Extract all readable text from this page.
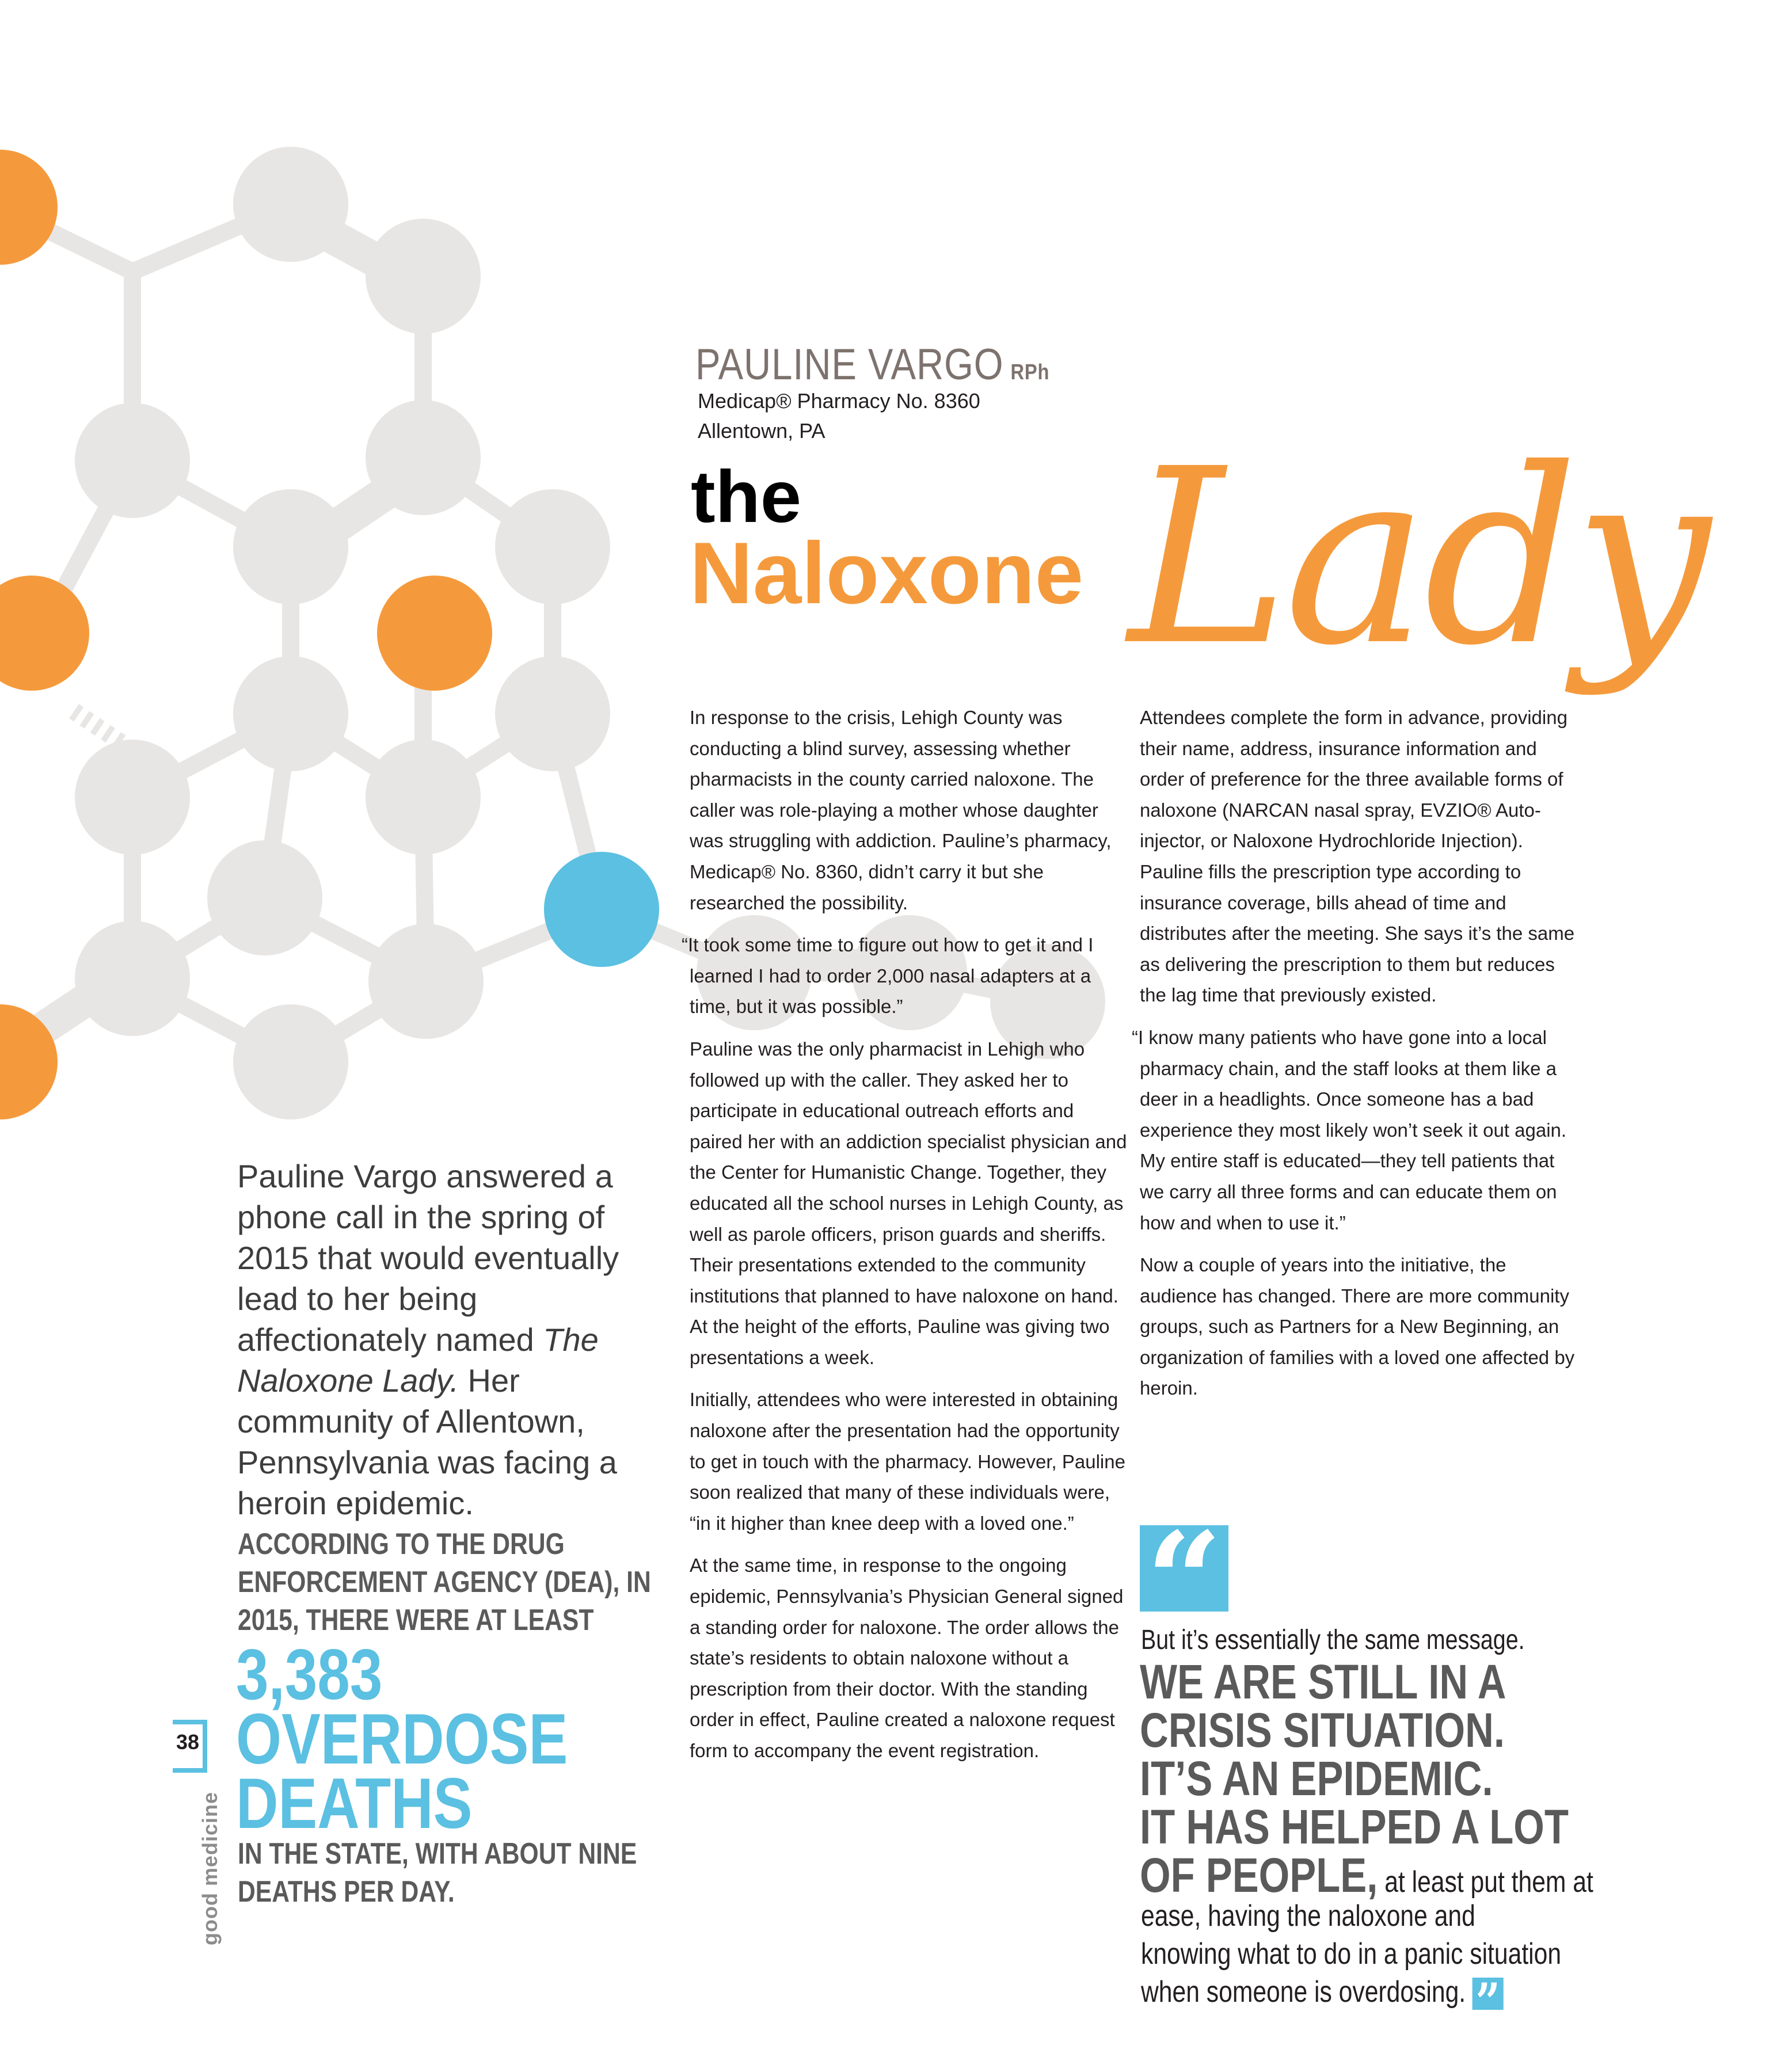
PAULINE VARGO RPh
Medicap® Pharmacy No. 8360
Allentown, PA
the
Naloxone Lady

In response to the crisis, Lehigh County was conducting a blind survey, assessing whether pharmacists in the county carried naloxone. The caller was role-playing a mother whose daughter was struggling with addiction. Pauline’s pharmacy, Medicap® No. 8360, didn’t carry it but she researched the possibility.

“It took some time to figure out how to get it and I learned I had to order 2,000 nasal adapters at a time, but it was possible.”

Pauline was the only pharmacist in Lehigh who followed up with the caller. They asked her to participate in educational outreach efforts and paired her with an addiction specialist physician and the Center for Humanistic Change. Together, they educated all the school nurses in Lehigh County, as well as parole officers, prison guards and sheriffs. Their presentations extended to the community institutions that planned to have naloxone on hand. At the height of the efforts, Pauline was giving two presentations a week.

Initially, attendees who were interested in obtaining naloxone after the presentation had the opportunity to get in touch with the pharmacy. However, Pauline soon realized that many of these individuals were, “in it higher than knee deep with a loved one.”

At the same time, in response to the ongoing epidemic, Pennsylvania’s Physician General signed a standing order for naloxone. The order allows the state’s residents to obtain naloxone without a prescription from their doctor. With the standing order in effect, Pauline created a naloxone request form to accompany the event registration.

Attendees complete the form in advance, providing their name, address, insurance information and order of preference for the three available forms of naloxone (NARCAN nasal spray, EVZIO® Auto-injector, or Naloxone Hydrochloride Injection). Pauline fills the prescription type according to insurance coverage, bills ahead of time and distributes after the meeting. She says it’s the same as delivering the prescription to them but reduces the lag time that previously existed.

“I know many patients who have gone into a local pharmacy chain, and the staff looks at them like a deer in a headlights. Once someone has a bad experience they most likely won’t seek it out again. My entire staff is educated—they tell patients that we carry all three forms and can educate them on how and when to use it.”

Now a couple of years into the initiative, the audience has changed. There are more community groups, such as Partners for a New Beginning, an organization of families with a loved one affected by heroin.

Pauline Vargo answered a phone call in the spring of 2015 that would eventually lead to her being affectionately named The Naloxone Lady. Her community of Allentown, Pennsylvania was facing a heroin epidemic.
ACCORDING TO THE DRUG ENFORCEMENT AGENCY (DEA), IN 2015, THERE WERE AT LEAST
3,383
OVERDOSE
DEATHS
IN THE STATE, WITH ABOUT NINE DEATHS PER DAY.
38
good medicine
“
But it’s essentially the same message.
WE ARE STILL IN A
CRISIS SITUATION.
IT’S AN EPIDEMIC.
IT HAS HELPED A LOT
OF PEOPLE, at least put them at
ease, having the naloxone and knowing what to do in a panic situation when someone is overdosing. ”
